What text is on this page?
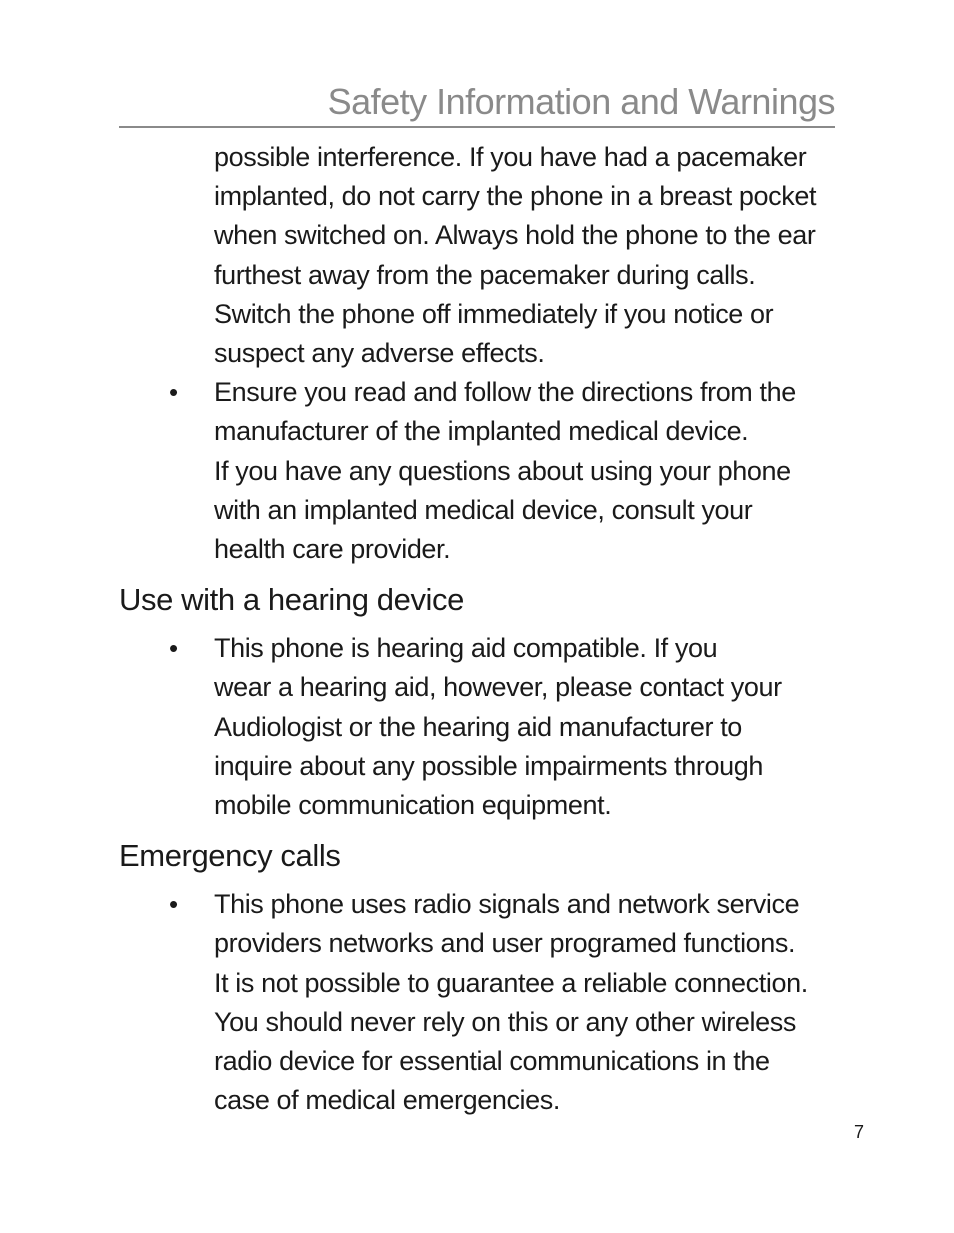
Safety Information and Warnings

possible interference. If you have had a pacemaker
implanted, do not carry the phone in a breast pocket
when switched on. Always hold the phone to the ear
furthest away from the pacemaker during calls.
Switch the phone off immediately if you notice or
suspect any adverse effects.

• Ensure you read and follow the directions from the
manufacturer of the implanted medical device.
If you have any questions about using your phone
with an implanted medical device, consult your
health care provider.
Use with a hearing device
• This phone is hearing aid compatible. If you
wear a hearing aid, however, please contact your
Audiologist or the hearing aid manufacturer to
inquire about any possible impairments through
mobile communication equipment.
Emergency calls
• This phone uses radio signals and network service
providers networks and user programed functions.
It is not possible to guarantee a reliable connection.
You should never rely on this or any other wireless
radio device for essential communications in the
case of medical emergencies.
7
